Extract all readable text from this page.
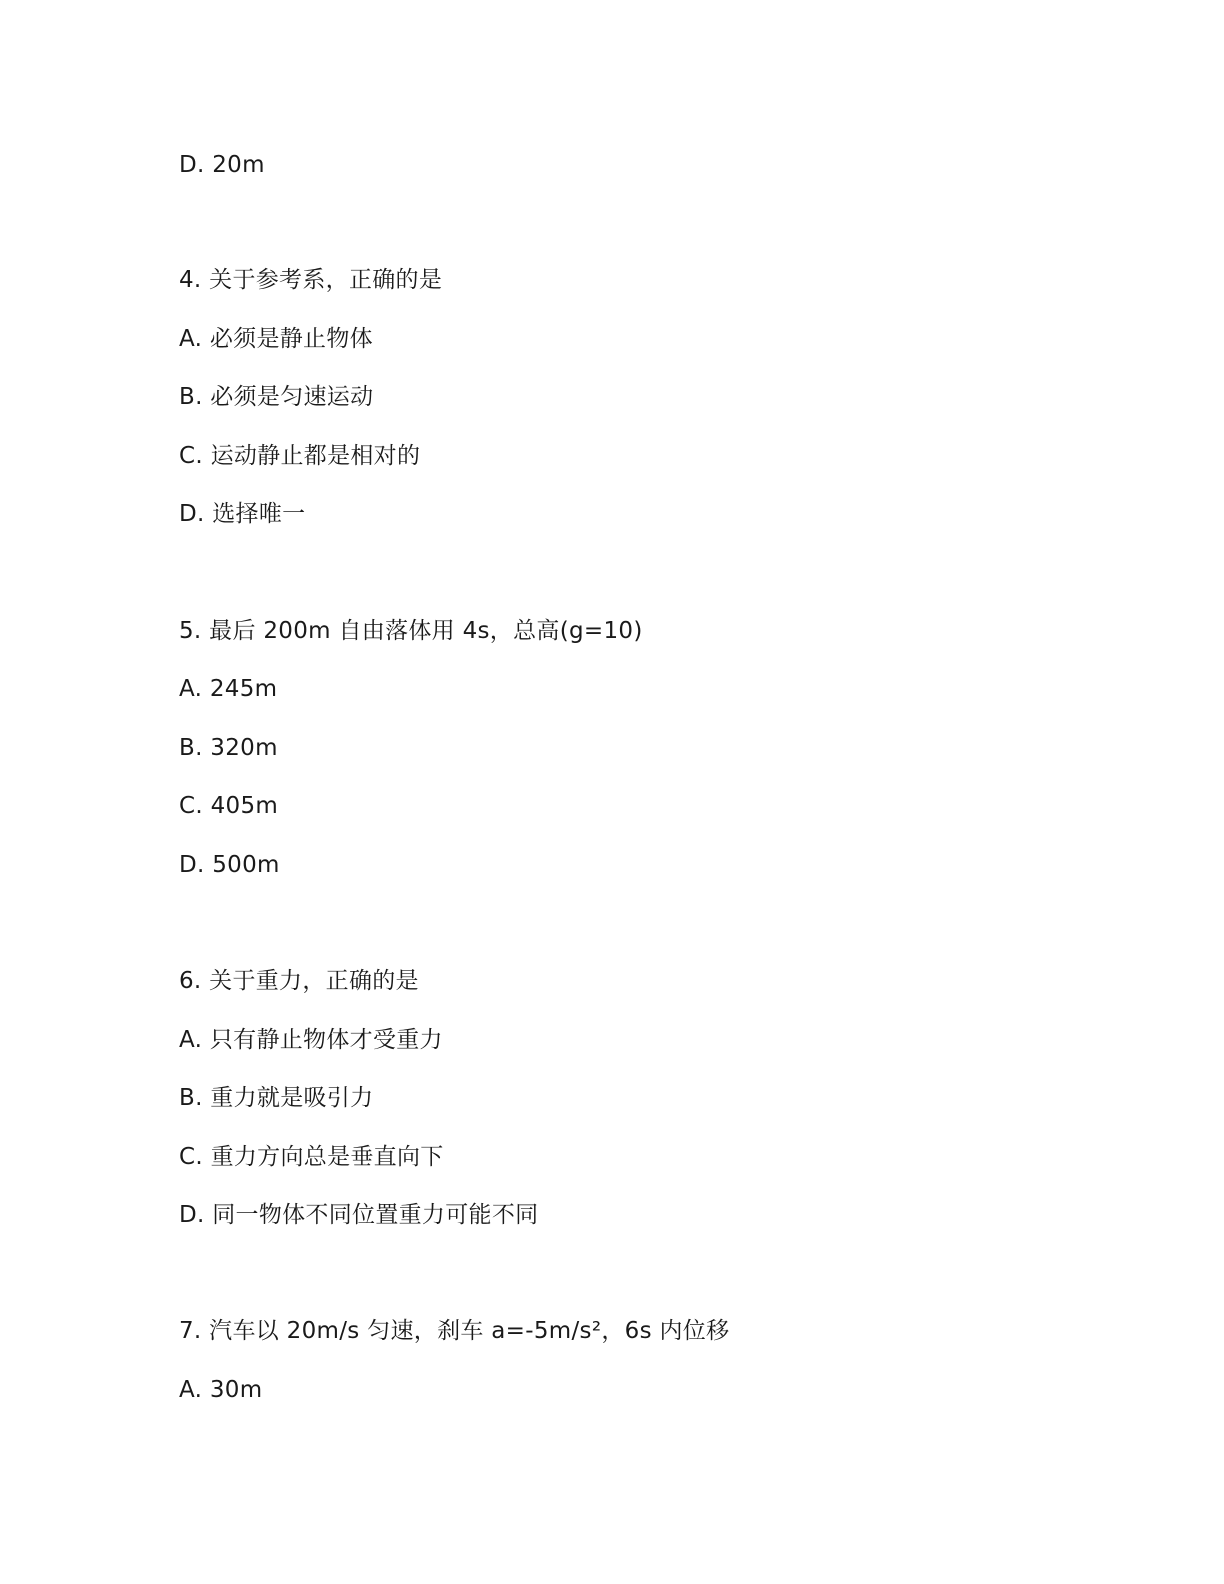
D. 20m
4. 关于参考系，正确的是
A. 必须是静止物体
B. 必须是匀速运动
C. 运动静止都是相对的
D. 选择唯一
5. 最后 200m 自由落体用 4s，总高(g=10)
A. 245m
B. 320m
C. 405m
D. 500m
6. 关于重力，正确的是
A. 只有静止物体才受重力
B. 重力就是吸引力
C. 重力方向总是垂直向下
D. 同一物体不同位置重力可能不同
7. 汽车以 20m/s 匀速，刹车 a=-5m/s²，6s 内位移
A. 30m
